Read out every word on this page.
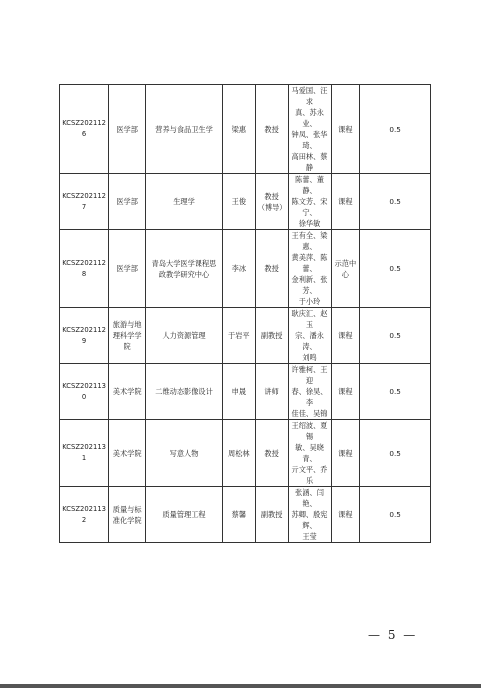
KCSZ2021126	医学部	营养与食品卫生学	梁惠	教授	马爱国、汪求
真、苏永业、
钟凤、张华琦、
高田林、蔡静	课程	0.5
KCSZ2021127	医学部	生理学	王俊	教授（博导）	陈蕾、董静、
陈文芳、宋宁、
徐华敏	课程	0.5
KCSZ2021128	医学部	青岛大学医学课程思政教学研究中心	李冰	教授	王有全、梁惠、
黄美萍、陈蕾、
金利新、张芳、
于小玲	示范中心	0.5
KCSZ2021129	旅游与地理科学学院	人力资源管理	于岩平	副教授	耿庆汇、赵玉
宗、潘永涛、
刘鸣	课程	0.5
KCSZ2021130	美术学院	二维动态影像设计	申晟	讲师	许雅柯、王迎
春、徐昊、李
佳佳、吴锦	课程	0.5
KCSZ2021131	美术学院	写意人物	周松林	教授	王绍波、夏锡
敏、吴晓青、
亓文平、乔乐	课程	0.5
KCSZ2021132	质量与标准化学院	质量管理工程	蔡馨	副教授	张涵、闫艳、
苏卿、殷宪辉、
王莹	课程	0.5
— 5 —
